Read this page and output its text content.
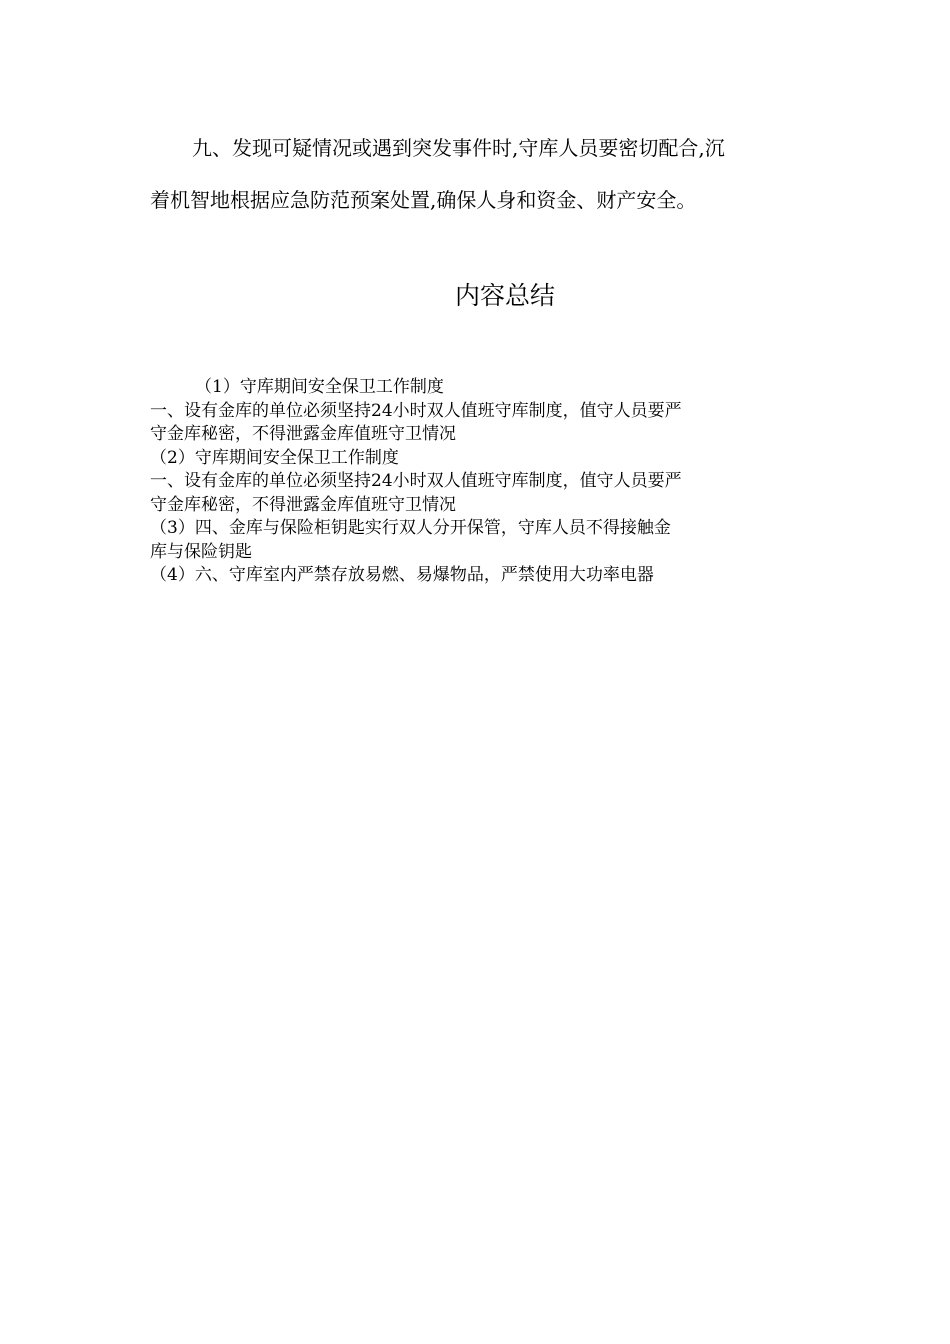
九、发现可疑情况或遇到突发事件时,守库人员要密切配合,沉
着机智地根据应急防范预案处置,确保人身和资金、财产安全。

内容总结
（1）守库期间安全保卫工作制度
一、设有金库的单位必须坚持24小时双人值班守库制度，值守人员要严
守金库秘密，不得泄露金库值班守卫情况
（2）守库期间安全保卫工作制度
一、设有金库的单位必须坚持24小时双人值班守库制度，值守人员要严
守金库秘密，不得泄露金库值班守卫情况
（3）四、金库与保险柜钥匙实行双人分开保管，守库人员不得接触金
库与保险钥匙
（4）六、守库室内严禁存放易燃、易爆物品，严禁使用大功率电器
